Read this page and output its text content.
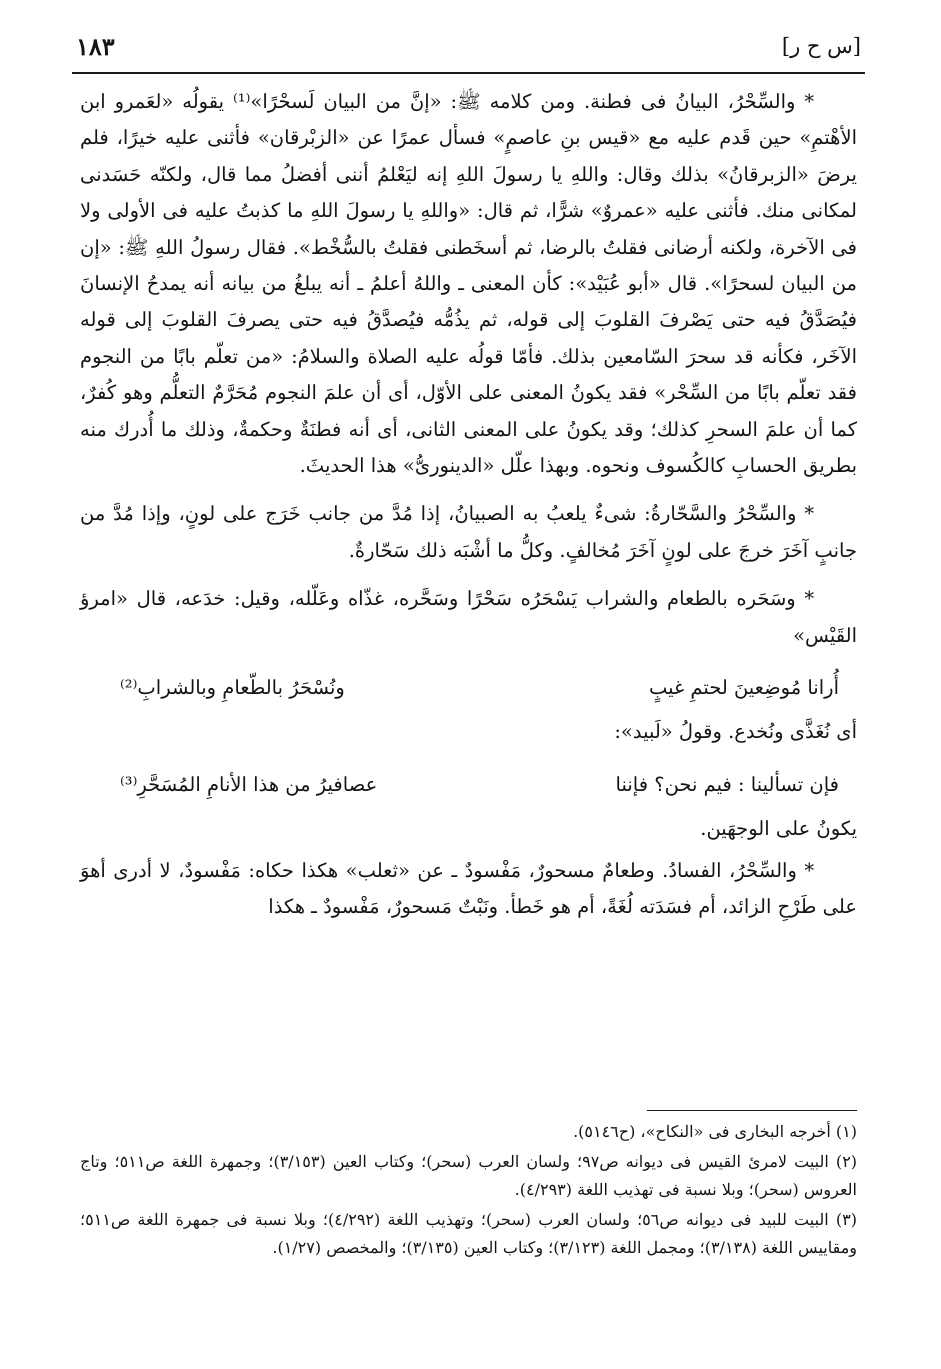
[س ح ر]
١٨٣

* والسِّحْرُ، البيانُ فى فطنة. ومن كلامه ﷺ: «إنَّ من البيان لَسحْرًا»⁽¹⁾ يقولُه «لعَمرو ابن الأهْتمِ» حين قَدم عليه مع «قيس بنِ عاصمٍ» فسأل عمرًا عن «الزبْرقان» فأثنى عليه خيرًا، فلم يرضَ «الزبرقانُ» بذلك وقال: واللهِ يا رسولَ اللهِ إنه ليَعْلمُ أننى أفضلُ مما قال، ولكنّه حَسَدنى لمكانى منك. فأثنى عليه «عمروٌ» شرًّا، ثم قال: «واللهِ يا رسولَ اللهِ ما كذبتُ عليه فى الأولى ولا فى الآخرة، ولكنه أرضانى فقلتُ بالرضا، ثم أسخَطنى فقلتُ بالسُّخْط». فقال رسولُ اللهِ ﷺ: «إن من البيان لسحرًا». قال «أبو عُبَيْد»: كأن المعنى ـ واللهُ أعلمُ ـ أنه يبلغُ من بيانه أنه يمدحُ الإنسانَ فيُصَدَّقُ فيه حتى يَصْرفَ القلوبَ إلى قوله، ثم يذُمُّه فيُصدَّقُ فيه حتى يصرفَ القلوبَ إلى قوله الآخَر، فكأنه قد سحرَ السّامعين بذلك. فأمّا قولُه عليه الصلاة والسلامُ: «من تعلّم بابًا من النجوم فقد تعلّم بابًا من السِّحْر» فقد يكونُ المعنى على الأوّل، أى أن علمَ النجوم مُحَرَّمٌ التعلُّم وهو كُفرٌ، كما أن علمَ السحرِ كذلك؛ وقد يكونُ على المعنى الثانى، أى أنه فطنَةٌ وحكمةٌ، وذلك ما أُدرك منه بطريق الحسابِ كالكُسوف ونحوه. وبهذا علّل «الدينورىُّ» هذا الحديثَ.

* والسِّحْرُ والسَّحّارةُ: شىءٌ يلعبُ به الصبيانُ، إذا مُدَّ من جانب خَرَج على لونٍ، وإذا مُدَّ من جانبٍ آخَرَ خرجَ على لونٍ آخَرَ مُخالفٍ. وكلُّ ما أشْبَه ذلك سَحّارةٌ.

* وسَحَره بالطعام والشراب يَسْحَرُه سَحْرًا وسَحَّره، غذّاه وعَلّله، وقيل: خدَعه، قال «امرؤ القَيْس»

أُرانا مُوضِعينَ لحتمِ غيبٍ
ونُسْحَرُ بالطّعامِ وبالشرابِ⁽²⁾

أى نُغَذَّى ونُخدع. وقولُ «لَبيد»:

فإن تسألينا : فيم نحن؟ فإننا
عصافيرُ من هذا الأنامِ المُسَحَّرِ⁽³⁾

يكونُ على الوجهَين.

* والسِّحْرُ، الفسادُ. وطعامٌ مسحورٌ، مَفْسودٌ ـ عن «ثعلب» هكذا حكاه: مَفْسودٌ، لا أدرى أهوَ على طَرْحِ الزائد، أم فسَدَته لُغَةً، أم هو خَطأ. ونَبْتٌ مَسحورٌ، مَفْسودٌ ـ هكذا

(١) أخرجه البخارى فى «النكاح»، (ح٥١٤٦).

(٢) البيت لامرئ القيس فى ديوانه ص٩٧؛ ولسان العرب (سحر)؛ وكتاب العين (٣/١٥٣)؛ وجمهرة اللغة ص٥١١؛ وتاج العروس (سحر)؛ وبلا نسبة فى تهذيب اللغة (٤/٢٩٣).

(٣) البيت للبيد فى ديوانه ص٥٦؛ ولسان العرب (سحر)؛ وتهذيب اللغة (٤/٢٩٢)؛ وبلا نسبة فى جمهرة اللغة ص٥١١؛ ومقاييس اللغة (٣/١٣٨)؛ ومجمل اللغة (٣/١٢٣)؛ وكتاب العين (٣/١٣٥)؛ والمخصص (١/٢٧).
